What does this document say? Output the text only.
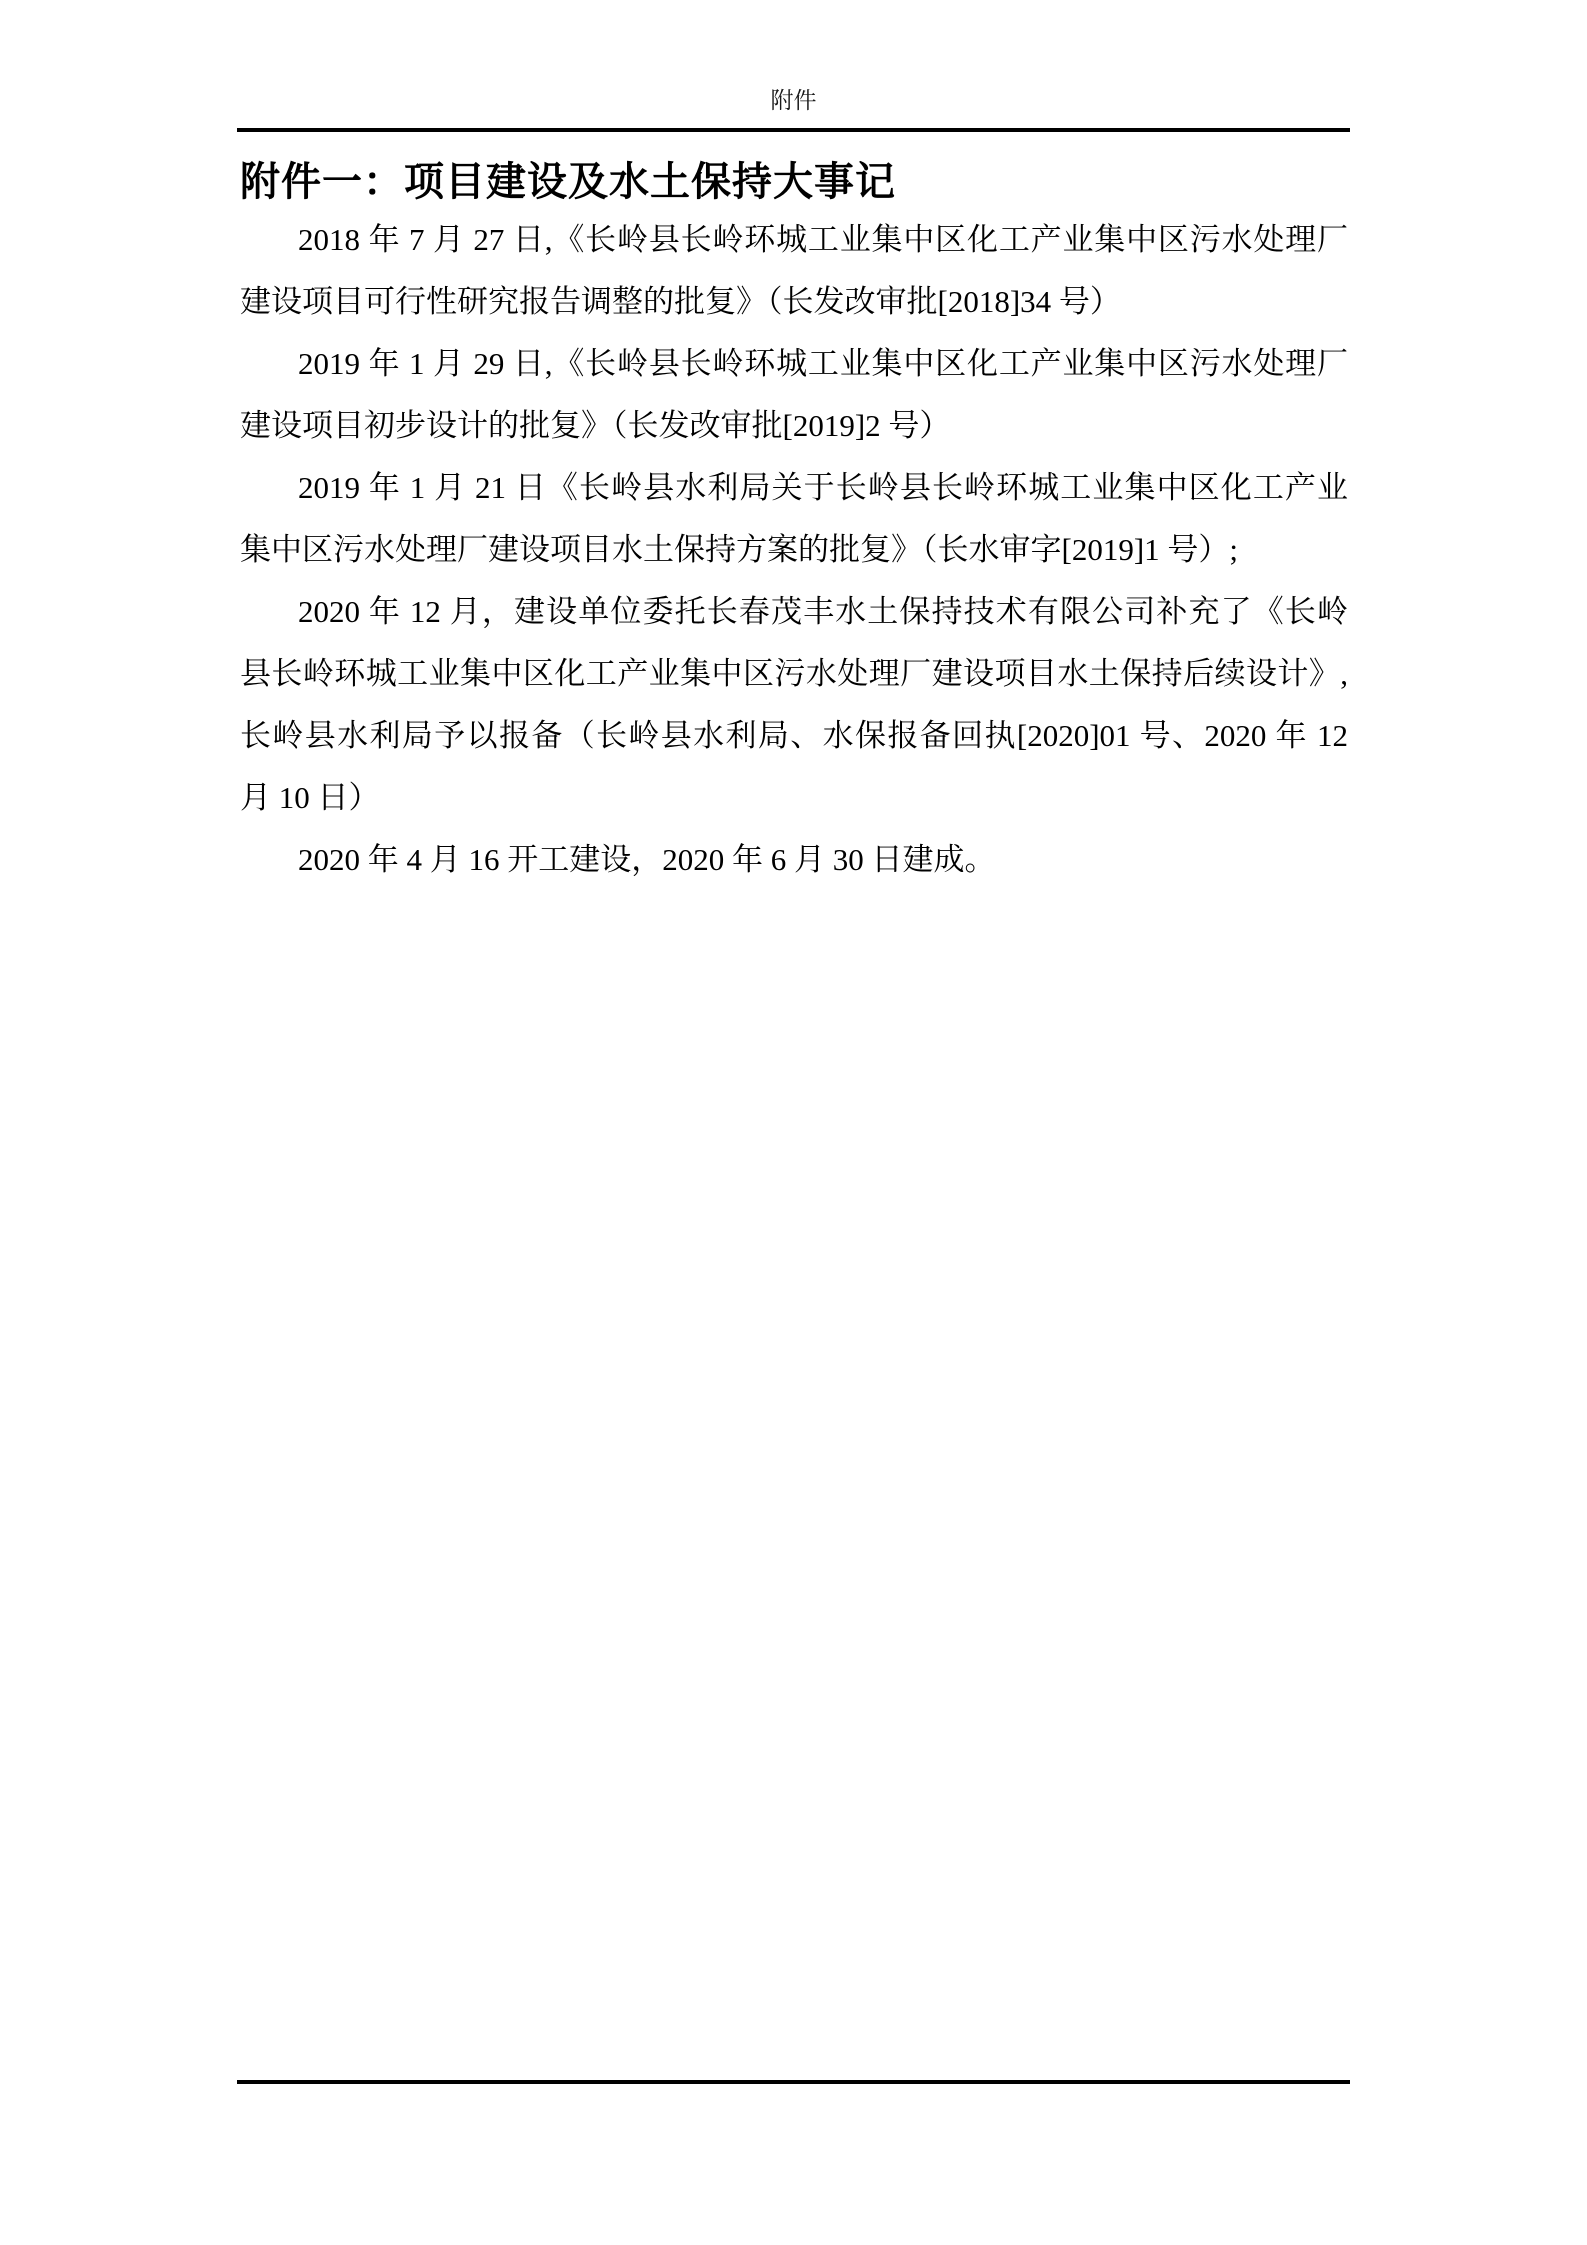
附件
附件一：项目建设及水土保持大事记
2018 年 7 月 27 日,《长岭县长岭环城工业集中区化工产业集中区污水处理厂
建设项目可行性研究报告调整的批复》（长发改审批[2018]34 号）
2019 年 1 月 29 日,《长岭县长岭环城工业集中区化工产业集中区污水处理厂
建设项目初步设计的批复》（长发改审批[2019]2 号）
2019 年 1 月 21 日《长岭县水利局关于长岭县长岭环城工业集中区化工产业
集中区污水处理厂建设项目水土保持方案的批复》（长水审字[2019]1 号）;
2020 年 12 月，建设单位委托长春茂丰水土保持技术有限公司补充了《长岭
县长岭环城工业集中区化工产业集中区污水处理厂建设项目水土保持后续设计》,
长岭县水利局予以报备（长岭县水利局、水保报备回执[2020]01 号、2020 年 12
月 10 日）
2020 年 4 月 16 开工建设，2020 年 6 月 30 日建成。
